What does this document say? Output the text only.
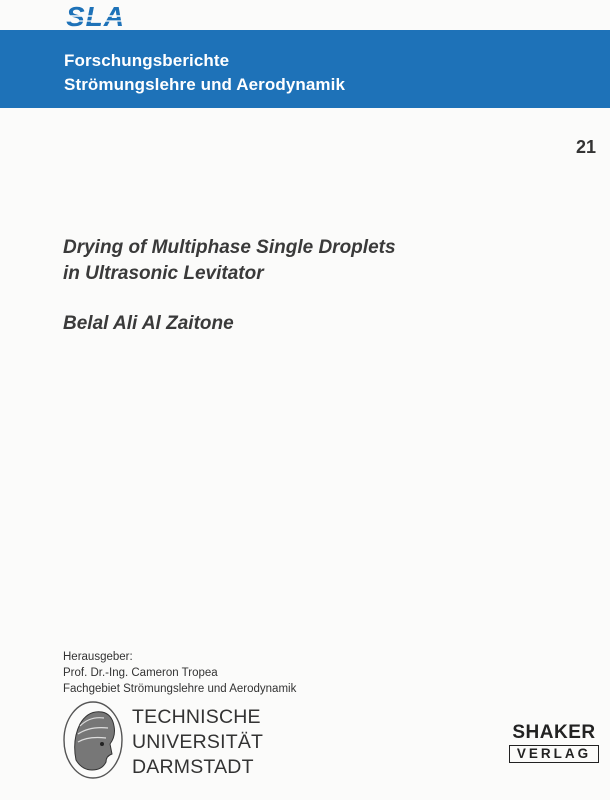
SLA
Forschungsberichte
Strömungslehre und Aerodynamik
21
Drying of Multiphase Single Droplets
in Ultrasonic Levitator
Belal Ali Al Zaitone
Herausgeber:
Prof. Dr.-Ing. Cameron Tropea
Fachgebiet Strömungslehre und Aerodynamik
TECHNISCHE
UNIVERSITÄT
DARMSTADT
SHAKER
VERLAG
